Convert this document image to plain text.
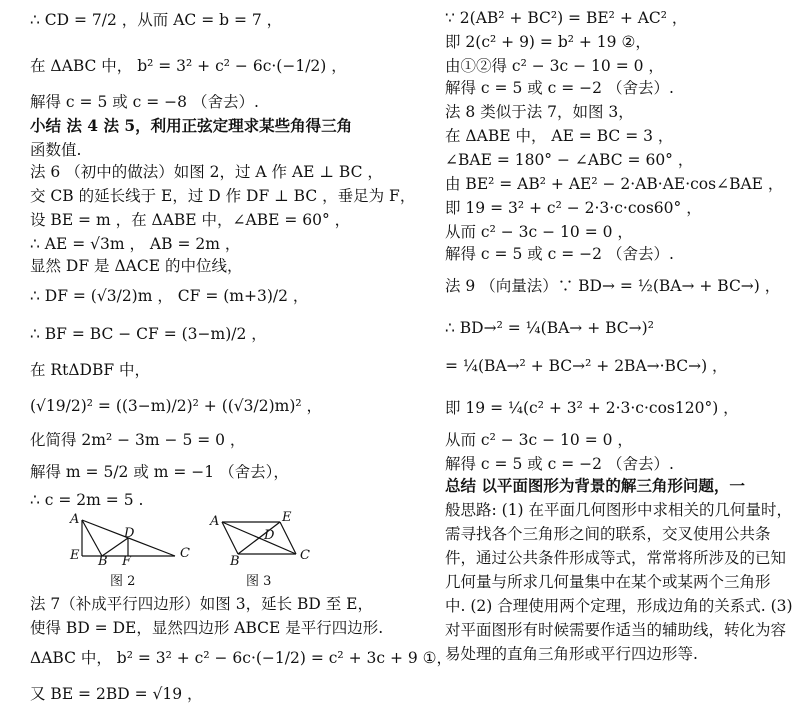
∴ CD = 7/2 ，从而 AC = b = 7 ，
在 ΔABC 中， b² = 3² + c² − 6c·(−1/2) ，
解得 c = 5 或 c = −8 （舍去）.
小结 法 4 法 5，利用正弦定理求某些角得三角
函数值.
法 6 （初中的做法）如图 2，过 A 作 AE ⊥ BC ，
交 CB 的延长线于 E，过 D 作 DF ⊥ BC ，垂足为 F，
设 BE = m ，在 ΔABE 中，∠ABE = 60° ，
∴ AE = √3m ， AB = 2m ，
显然 DF 是 ΔACE 的中位线，
∴ DF = (√3/2)m ， CF = (m+3)/2 ，
∴ BF = BC − CF = (3−m)/2 ，
在 RtΔDBF 中，
(√19/2)² = ((3−m)/2)² + ((√3/2)m)² ，
化简得 2m² − 3m − 5 = 0 ，
解得 m = 5/2 或 m = −1 （舍去），
∴ c = 2m = 5 .
法 7（补成平行四边形）如图 3，延长 BD 至 E，
使得 BD = DE，显然四边形 ABCE 是平行四边形.
ΔABC 中， b² = 3² + c² − 6c·(−1/2) = c² + 3c + 9 ①，
又 BE = 2BD = √19 ，
∵ 2(AB² + BC²) = BE² + AC² ，
即 2(c² + 9) = b² + 19 ②，
由①②得 c² − 3c − 10 = 0 ，
解得 c = 5 或 c = −2 （舍去）.
法 8 类似于法 7，如图 3，
在 ΔABE 中， AE = BC = 3 ，
∠BAE = 180° − ∠ABC = 60° ，
由 BE² = AB² + AE² − 2·AB·AE·cos∠BAE ，
即 19 = 3² + c² − 2·3·c·cos60° ，
从而 c² − 3c − 10 = 0 ，
解得 c = 5 或 c = −2 （舍去）.
法 9 （向量法）∵ BD→ = ½(BA→ + BC→) ，
∴ BD→² = ¼(BA→ + BC→)²
= ¼(BA→² + BC→² + 2BA→·BC→) ，
即 19 = ¼(c² + 3² + 2·3·c·cos120°) ，
从而 c² − 3c − 10 = 0 ，
解得 c = 5 或 c = −2 （舍去）.
总结 以平面图形为背景的解三角形问题，一
般思路: (1) 在平面几何图形中求相关的几何量时，
需寻找各个三角形之间的联系，交叉使用公共条
件，通过公共条件形成等式，常常将所涉及的已知
几何量与所求几何量集中在某个或某两个三角形
中. (2) 合理使用两个定理，形成边角的关系式. (3)
对平面图形有时候需要作适当的辅助线，转化为容
易处理的直角三角形或平行四边形等.
A
E B F
D
C
图 2
A	E
D
B	C
图 3
